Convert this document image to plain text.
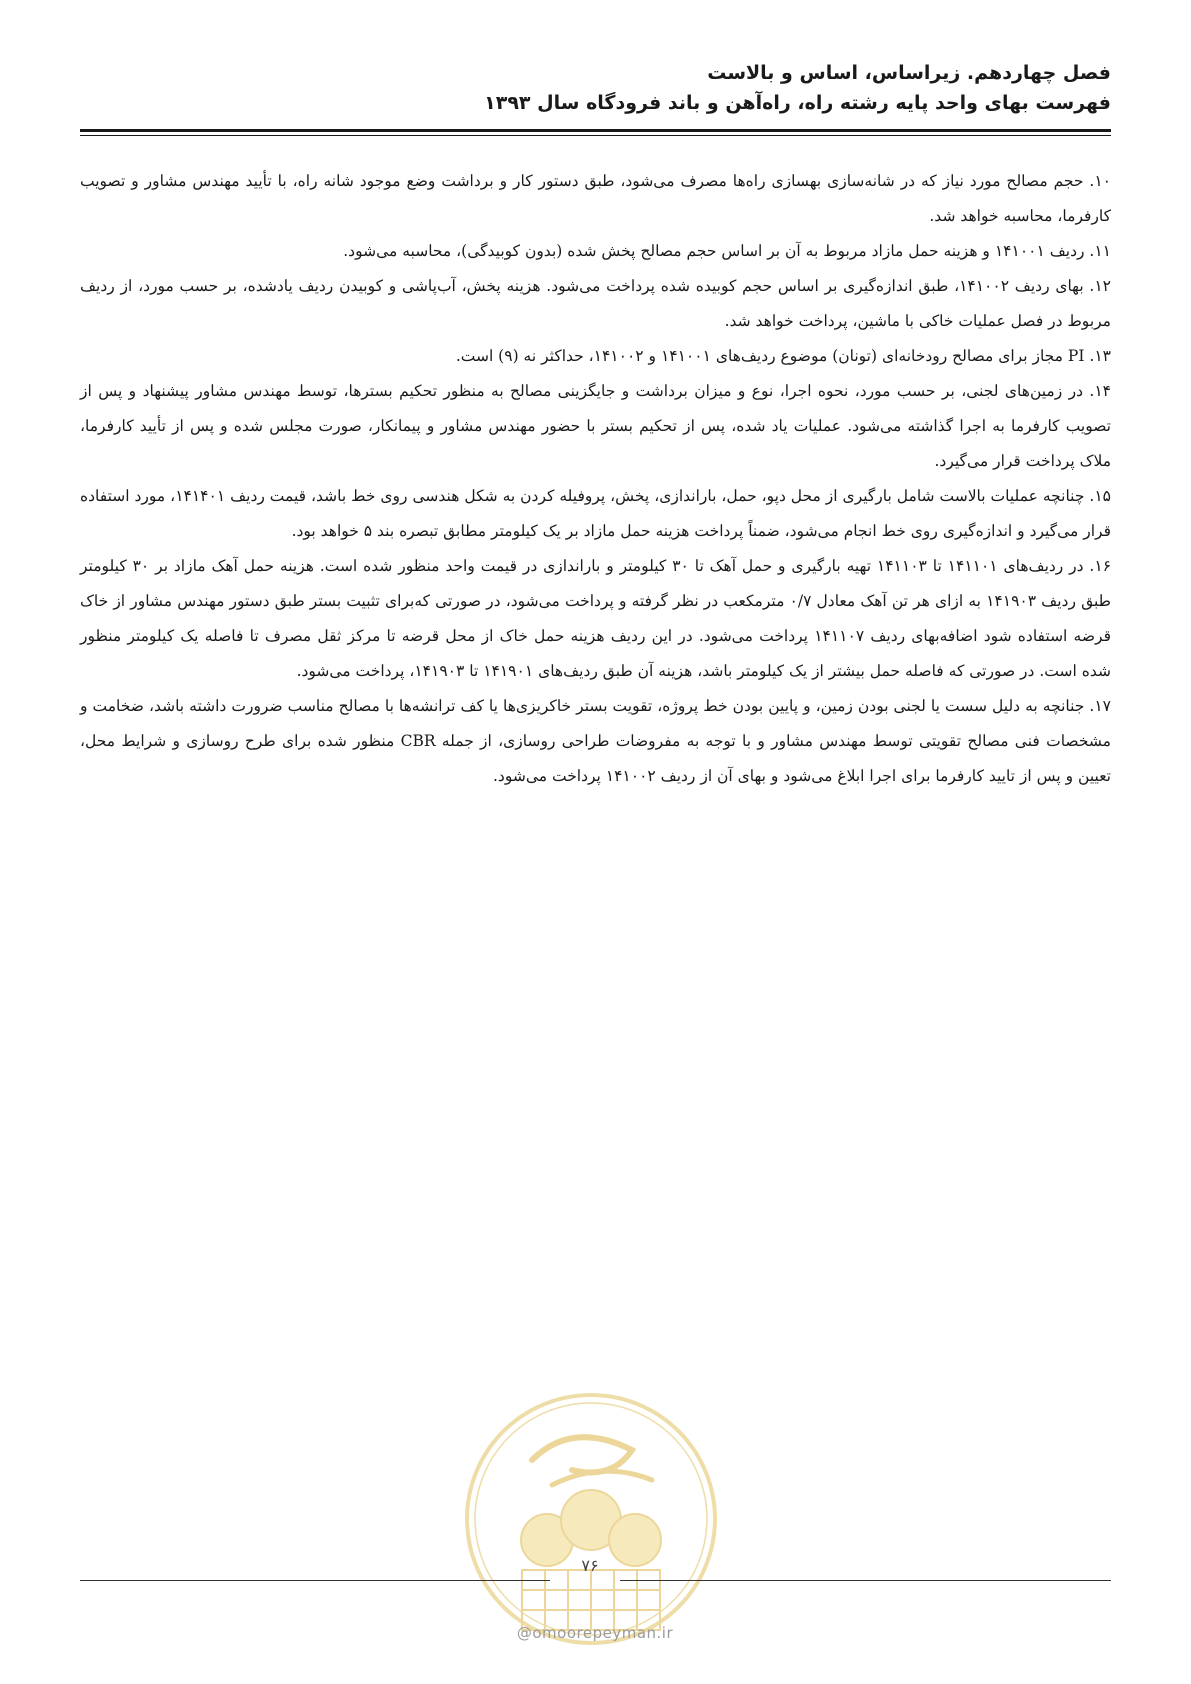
فصل چهاردهم. زیراساس، اساس و بالاست
فهرست بهای واحد پایه رشته راه، راه‌آهن و باند فرودگاه سال ۱۳۹۳

۱۰. حجم مصالح مورد نیاز که در شانه‌سازی بهسازی راه‌ها مصرف می‌شود، طبق دستور کار و برداشت وضع موجود شانه راه، با تأیید مهندس مشاور و تصویب کارفرما، محاسبه خواهد شد.

۱۱. ردیف ۱۴۱۰۰۱ و هزینه حمل مازاد مربوط به آن بر اساس حجم مصالح پخش شده (بدون کوبیدگی)، محاسبه می‌شود.

۱۲. بهای ردیف ۱۴۱۰۰۲، طبق اندازه‌گیری بر اساس حجم کوبیده شده پرداخت می‌شود. هزینه پخش، آب‌پاشی و کوبیدن ردیف یادشده، بر حسب مورد، از ردیف مربوط در فصل عملیات خاکی با ماشین، پرداخت خواهد شد.

۱۳. PI مجاز برای مصالح رودخانه‌ای (تونان) موضوع ردیف‌های ۱۴۱۰۰۱ و ۱۴۱۰۰۲، حداکثر نه (۹) است.

۱۴. در زمین‌های لجنی، بر حسب مورد، نحوه اجرا، نوع و میزان برداشت و جایگزینی مصالح به منظور تحکیم بسترها، توسط مهندس مشاور پیشنهاد و پس از تصویب کارفرما به اجرا گذاشته می‌شود. عملیات یاد شده، پس از تحکیم بستر با حضور مهندس مشاور و پیمانکار، صورت مجلس شده و پس از تأیید کارفرما، ملاک پرداخت قرار می‌گیرد.

۱۵. چنانچه عملیات بالاست شامل بارگیری از محل دپو، حمل، باراندازی، پخش، پروفیله کردن به شکل هندسی روی خط باشد، قیمت ردیف ۱۴۱۴۰۱، مورد استفاده قرار می‌گیرد و اندازه‌گیری روی خط انجام می‌شود، ضمناً پرداخت هزینه حمل مازاد بر یک کیلومتر مطابق تبصره بند ۵ خواهد بود.

۱۶. در ردیف‌های ۱۴۱۱۰۱ تا ۱۴۱۱۰۳ تهیه بارگیری و حمل آهک تا ۳۰ کیلومتر و باراندازی در قیمت واحد منظور شده است. هزینه حمل آهک مازاد بر ۳۰ کیلومتر طبق ردیف ۱۴۱۹۰۳ به ازای هر تن آهک معادل ۰/۷ مترمکعب در نظر گرفته و پرداخت می‌شود، در صورتی که‌برای تثبیت بستر طبق دستور مهندس مشاور از خاک قرضه استفاده شود اضافه‌بهای ردیف ۱۴۱۱۰۷ پرداخت می‌شود. در این ردیف هزینه حمل خاک از محل قرضه تا مرکز ثقل مصرف تا فاصله یک کیلومتر منظور شده است. در صورتی که فاصله حمل بیشتر از یک کیلومتر باشد، هزینه آن طبق ردیف‌های ۱۴۱۹۰۱ تا ۱۴۱۹۰۳، پرداخت می‌شود.

۱۷. جنانچه به دلیل سست یا لجنی بودن زمین، و پایین بودن خط پروژه، تقویت بستر خاکریزی‌ها یا کف ترانشه‌ها با مصالح مناسب ضرورت داشته باشد، ضخامت و مشخصات فنی مصالح تقویتی توسط مهندس مشاور و با توجه به مفروضات طراحی روسازی، از جمله CBR منظور شده برای طرح روسازی و شرایط محل، تعیین و پس از تایید کارفرما برای اجرا ابلاغ می‌شود و بهای آن از ردیف ۱۴۱۰۰۲ پرداخت می‌شود.

۷۶
@omoorepeyman.ir
